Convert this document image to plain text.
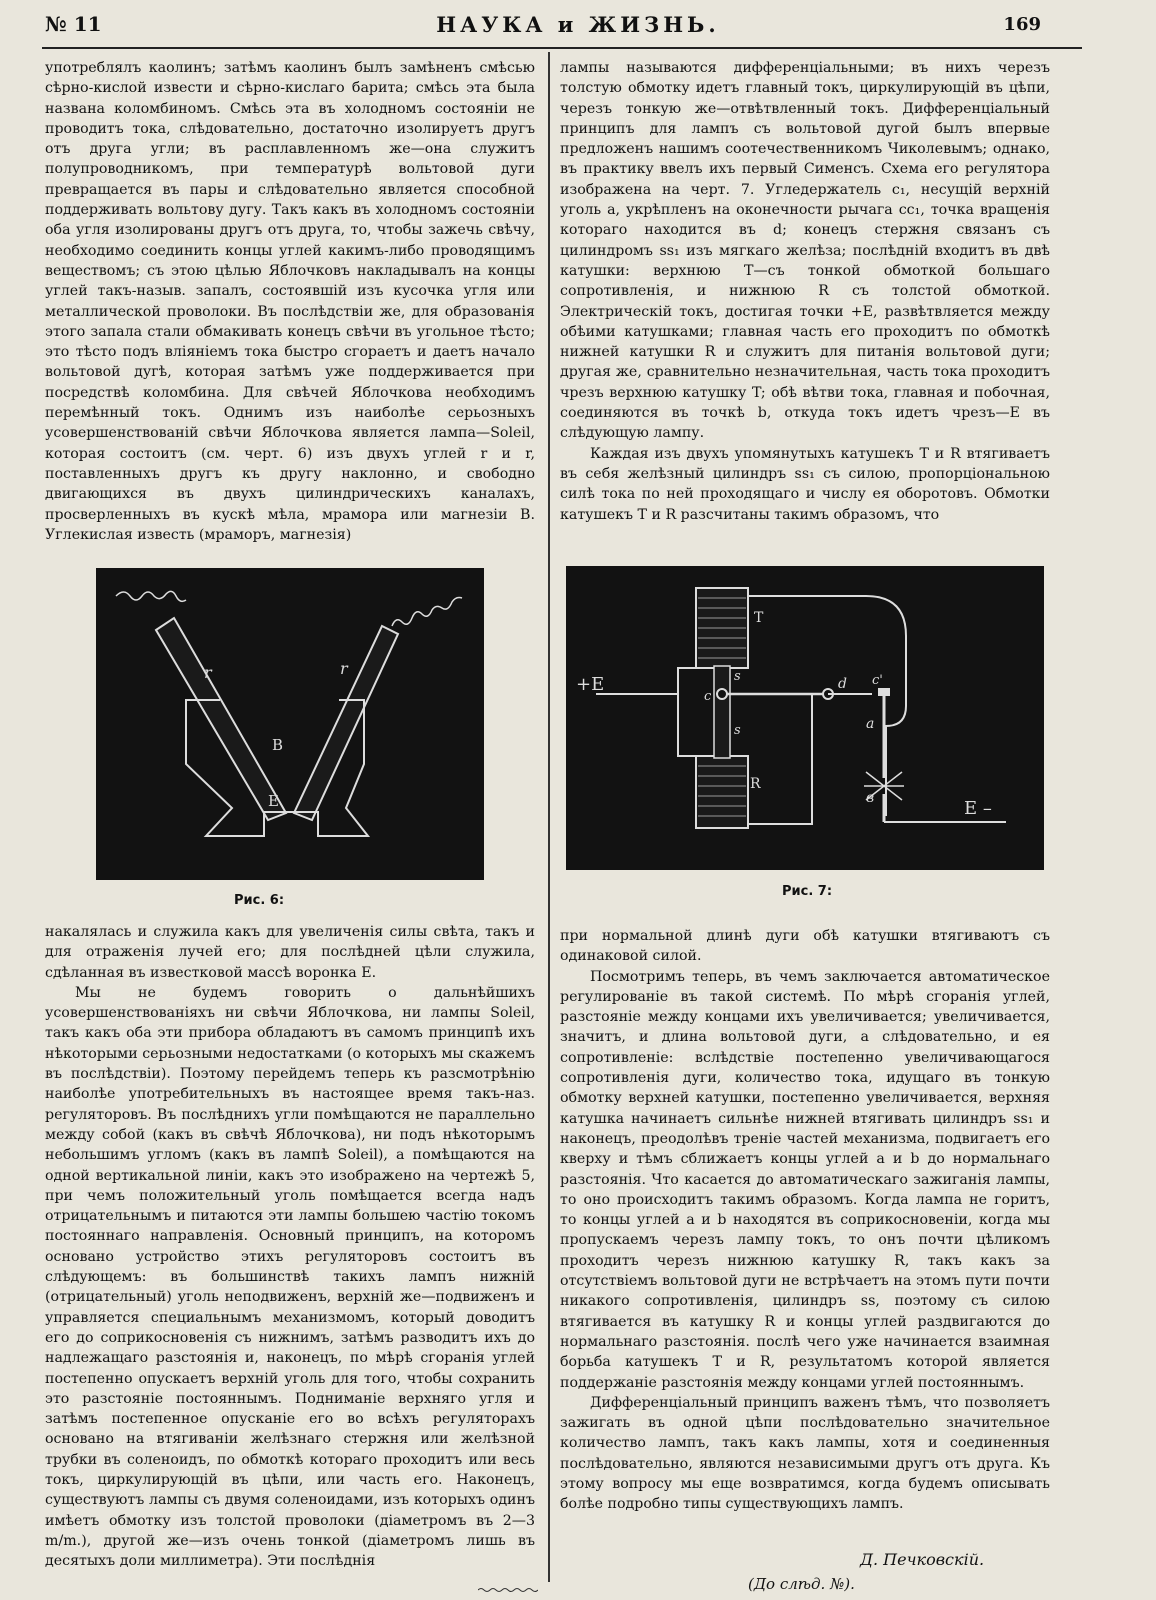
№ 11	НАУКА и ЖИЗНЬ.	169

употреблялъ каолинъ; затѣмъ каолинъ былъ замѣненъ смѣсью сѣрно-кислой извести и сѣрно-кислаго барита; смѣсь эта была названа коломбиномъ. Смѣсь эта въ холодномъ состояніи не проводитъ тока, слѣдовательно, достаточно изолируетъ другъ отъ друга угли; въ расплавленномъ же—она служитъ полупроводникомъ, при температурѣ вольтовой дуги превращается въ пары и слѣдовательно является способной поддерживать вольтову дугу. Такъ какъ въ холодномъ состояніи оба угля изолированы другъ отъ друга, то, чтобы зажечь свѣчу, необходимо соединить концы углей какимъ-либо проводящимъ веществомъ; съ этою цѣлью Яблочковъ накладывалъ на концы углей такъ-назыв. запалъ, состоявшій изъ кусочка угля или металлической проволоки. Въ послѣдствіи же, для образованія этого запала стали обмакивать конецъ свѣчи въ угольное тѣсто; это тѣсто подъ вліяніемъ тока быстро сгораетъ и даетъ начало вольтовой дугѣ, которая затѣмъ уже поддерживается при посредствѣ коломбина. Для свѣчей Яблочкова необходимъ перемѣнный токъ. Однимъ изъ наиболѣе серьозныхъ усовершенствованій свѣчи Яблочкова является лампа—Soleil, которая состоитъ (см. черт. 6) изъ двухъ углей r и r, поставленныхъ другъ къ другу наклонно, и свободно двигающихся въ двухъ цилиндрическихъ каналахъ, просверленныхъ въ кускѣ мѣла, мрамора или магнезіи B. Углекислая известь (мраморъ, магнезія)

r	r
B
E
Рис. 6:

накалялась и служила какъ для увеличенія силы свѣта, такъ и для отраженія лучей его; для послѣдней цѣли служила, сдѣланная въ известковой массѣ воронка E.

Мы не будемъ говорить о дальнѣйшихъ усовершенствованіяхъ ни свѣчи Яблочкова, ни лампы Soleil, такъ какъ оба эти прибора обладаютъ въ самомъ принципѣ ихъ нѣкоторыми серьозными недостатками (о которыхъ мы скажемъ въ послѣдствіи). Поэтому перейдемъ теперь къ разсмотрѣнію наиболѣе употребительныхъ въ настоящее время такъ-наз. регуляторовъ. Въ послѣднихъ угли помѣщаются не параллельно между собой (какъ въ свѣчѣ Яблочкова), ни подъ нѣкоторымъ небольшимъ угломъ (какъ въ лампѣ Soleil), а помѣщаются на одной вертикальной линіи, какъ это изображено на чертежѣ 5, при чемъ положительный уголь помѣщается всегда надъ отрицательнымъ и питаются эти лампы большею частію токомъ постояннаго направленія. Основный принципъ, на которомъ основано устройство этихъ регуляторовъ состоитъ въ слѣдующемъ: въ большинствѣ такихъ лампъ нижній (отрицательный) уголь неподвиженъ, верхній же—подвиженъ и управляется специальнымъ механизмомъ, который доводитъ его до соприкосновенія съ нижнимъ, затѣмъ разводитъ ихъ до надлежащаго разстоянія и, наконецъ, по мѣрѣ сгоранія углей постепенно опускаетъ верхній уголь для того, чтобы сохранить это разстояніе постояннымъ. Подниманіе верхняго угля и затѣмъ постепенное опусканіе его во всѣхъ регуляторахъ основано на втягиваніи желѣзнаго стержня или желѣзной трубки въ соленоидъ, по обмоткѣ котораго проходитъ или весь токъ, циркулирующій въ цѣпи, или часть его. Наконецъ, существуютъ лампы съ двумя соленоидами, изъ которыхъ одинъ имѣетъ обмотку изъ толстой проволоки (діаметромъ въ 2—3 m/m.), другой же—изъ очень тонкой (діаметромъ лишь въ десятыхъ доли миллиметра). Эти послѣднія

лампы называются дифференціальными; въ нихъ черезъ толстую обмотку идетъ главный токъ, циркулирующій въ цѣпи, черезъ тонкую же—отвѣтвленный токъ. Дифференціальный принципъ для лампъ съ вольтовой дугой былъ впервые предложенъ нашимъ соотечественникомъ Чиколевымъ; однако, въ практику ввелъ ихъ первый Сименсъ. Схема его регулятора изображена на черт. 7. Угледержатель c₁, несущій верхній уголь a, укрѣпленъ на оконечности рычага cc₁, точка вращенія котораго находится въ d; конецъ стержня связанъ съ цилиндромъ ss₁ изъ мягкаго желѣза; послѣдній входитъ въ двѣ катушки: верхнюю T—съ тонкой обмоткой большаго сопротивленія, и нижнюю R съ толстой обмоткой. Электрическій токъ, достигая точки +E, развѣтвляется между обѣими катушками; главная часть его проходитъ по обмоткѣ нижней катушки R и служитъ для питанія вольтовой дуги; другая же, сравнительно незначительная, часть тока проходитъ чрезъ верхнюю катушку T; обѣ вѣтви тока, главная и побочная, соединяются въ точкѣ b, откуда токъ идетъ чрезъ—E въ слѣдующую лампу.

Каждая изъ двухъ упомянутыхъ катушекъ T и R втягиваетъ въ себя желѣзный цилиндръ ss₁ съ силою, пропорціональною силѣ тока по ней проходящаго и числу ея оборотовъ. Обмотки катушекъ T и R разсчитаны такимъ образомъ, что

T
R
+E
E –
c
s
s
d c'
a
в
Рис. 7:

при нормальной длинѣ дуги обѣ катушки втягиваютъ съ одинаковой силой.

Посмотримъ теперь, въ чемъ заключается автоматическое регулированіе въ такой системѣ. По мѣрѣ сгоранія углей, разстояніе между концами ихъ увеличивается; увеличивается, значитъ, и длина вольтовой дуги, а слѣдовательно, и ея сопротивленіе: вслѣдствіе постепенно увеличивающагося сопротивленія дуги, количество тока, идущаго въ тонкую обмотку верхней катушки, постепенно увеличивается, верхняя катушка начинаетъ сильнѣе нижней втягивать цилиндръ ss₁ и наконецъ, преодолѣвъ треніе частей механизма, подвигаетъ его кверху и тѣмъ сближаетъ концы углей a и b до нормальнаго разстоянія. Что касается до автоматическаго зажиганія лампы, то оно происходитъ такимъ образомъ. Когда лампа не горитъ, то концы углей a и b находятся въ соприкосновеніи, когда мы пропускаемъ черезъ лампу токъ, то онъ почти цѣликомъ проходитъ черезъ нижнюю катушку R, такъ какъ за отсутствіемъ вольтовой дуги не встрѣчаетъ на этомъ пути почти никакого сопротивленія, цилиндръ ss, поэтому съ силою втягивается въ катушку R и концы углей раздвигаются до нормальнаго разстоянія. послѣ чего уже начинается взаимная борьба катушекъ T и R, результатомъ которой является поддержаніе разстоянія между концами углей постояннымъ.

Дифференціальный принципъ важенъ тѣмъ, что позволяетъ зажигать въ одной цѣпи послѣдовательно значительное количество лампъ, такъ какъ лампы, хотя и соединенныя послѣдовательно, являются независимыми другъ отъ друга. Къ этому вопросу мы еще возвратимся, когда будемъ описывать болѣе подробно типы существующихъ лампъ.

Д. Печковскій.
(До слѣд. №).
